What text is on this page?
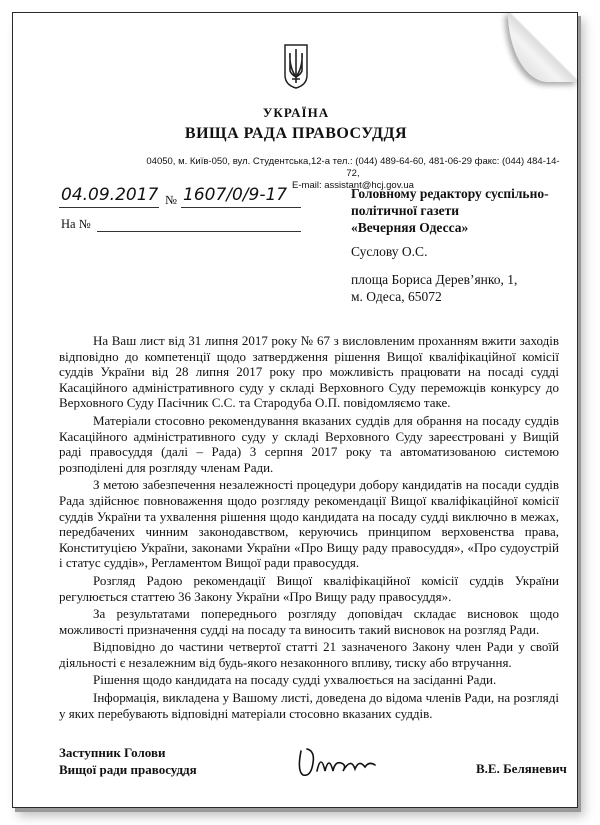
УКРАЇНА
ВИЩА РАДА ПРАВОСУДДЯ
04050, м. Київ-050, вул. Студентська,12-а тел.: (044) 489-64-60, 481-06-29 факс: (044) 484-14-72,
E-mail: assistant@hcj.gov.ua
04.09.2017 № 1607/0/9-17
На №
Головному редактору суспільно-
політичної газети
«Вечерняя Одесса»
Суслову О.С.
площа Бориса Дерев’янко, 1,
м. Одеса, 65072

На Ваш лист від 31 липня 2017 року № 67 з висловленим проханням вжити заходів відповідно до компетенції щодо затвердження рішення Вищої кваліфікаційної комісії суддів України від 28 липня 2017 року про можливість працювати на посаді судді Касаційного адміністративного суду у складі Верховного Суду переможців конкурсу до Верховного Суду Пасічник С.С. та Стародуба О.П. повідомляємо таке.

Матеріали стосовно рекомендування вказаних суддів для обрання на посаду суддів Касаційного адміністративного суду у складі Верховного Суду зареєстровані у Вищій раді правосуддя (далі – Рада) 3 серпня 2017 року та автоматизованою системою розподілені для розгляду членам Ради.

З метою забезпечення незалежності процедури добору кандидатів на посади суддів Рада здійснює повноваження щодо розгляду рекомендації Вищої кваліфікаційної комісії суддів України та ухвалення рішення щодо кандидата на посаду судді виключно в межах, передбачених чинним законодавством, керуючись принципом верховенства права, Конституцією України, законами України «Про Вищу раду правосуддя», «Про судоустрій і статус суддів», Регламентом Вищої ради правосуддя.

Розгляд Радою рекомендації Вищої кваліфікаційної комісії суддів України регулюється статтею 36 Закону України «Про Вищу раду правосуддя».

За результатами попереднього розгляду доповідач складає висновок щодо можливості призначення судді на посаду та виносить такий висновок на розгляд Ради.

Відповідно до частини четвертої статті 21 зазначеного Закону член Ради у своїй діяльності є незалежним від будь-якого незаконного впливу, тиску або втручання.

Рішення щодо кандидата на посаду судді ухвалюється на засіданні Ради.

Інформація, викладена у Вашому листі, доведена до відома членів Ради, на розгляді у яких перебувають відповідні матеріали стосовно вказаних суддів.

Заступник Голови
Вищої ради правосуддя	В.Е. Беляневич
